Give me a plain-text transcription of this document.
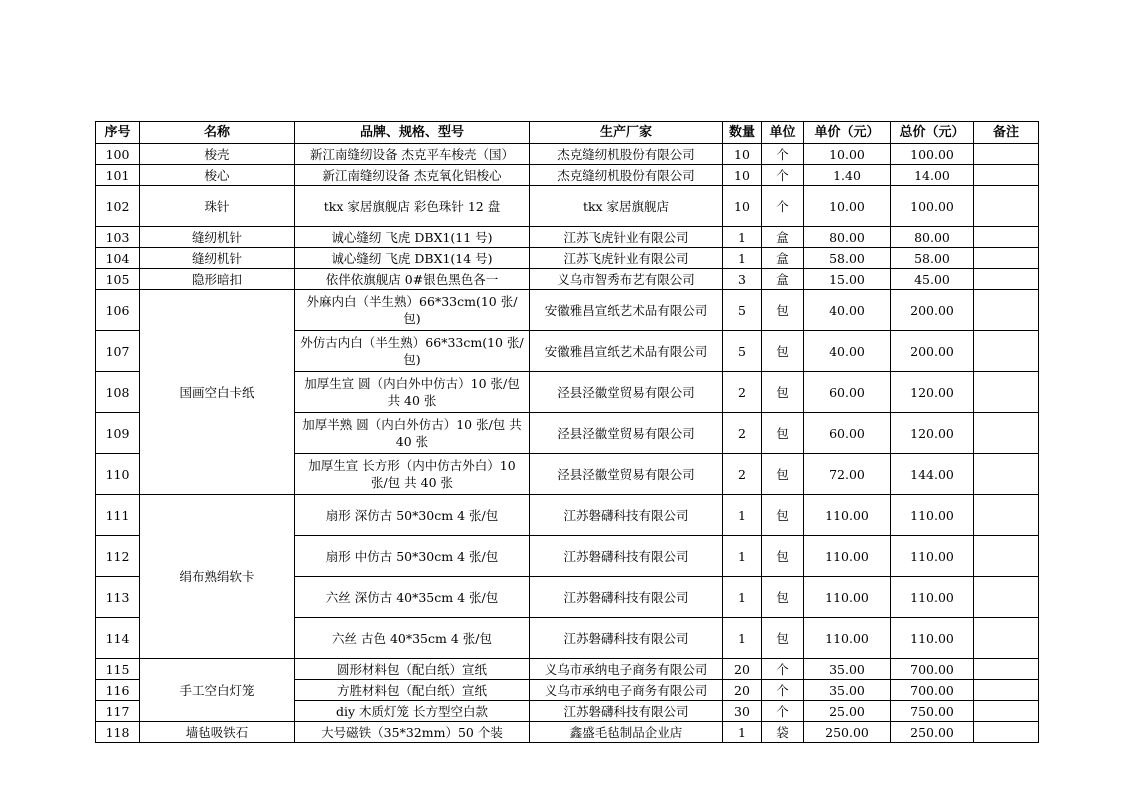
序号	名称	品牌、规格、型号	生产厂家	数量	单位	单价（元）	总价（元）	备注
100	梭壳	新江南缝纫设备 杰克平车梭壳（国）	杰克缝纫机股份有限公司	10	个	10.00	100.00	
101	梭心	新江南缝纫设备 杰克氧化铝梭心	杰克缝纫机股份有限公司	10	个	1.40	14.00	
102	珠针	tkx 家居旗舰店 彩色珠针 12 盘	tkx 家居旗舰店	10	个	10.00	100.00	
103	缝纫机针	诚心缝纫 飞虎 DBX1(11 号)	江苏飞虎针业有限公司	1	盒	80.00	80.00	
104	缝纫机针	诚心缝纫 飞虎 DBX1(14 号)	江苏飞虎针业有限公司	1	盒	58.00	58.00	
105	隐形暗扣	依伴依旗舰店 0#银色黑色各一	义乌市智秀布艺有限公司	3	盒	15.00	45.00	
106	国画空白卡纸	外麻内白（半生熟）66*33cm(10 张/包)	安徽雅昌宣纸艺术品有限公司	5	包	40.00	200.00	
107		外仿古内白（半生熟）66*33cm(10 张/包)	安徽雅昌宣纸艺术品有限公司	5	包	40.00	200.00	
108		加厚生宣 圆（内白外中仿古）10 张/包 共 40 张	泾县泾徽堂贸易有限公司	2	包	60.00	120.00	
109		加厚半熟 圆（内白外仿古）10 张/包 共 40 张	泾县泾徽堂贸易有限公司	2	包	60.00	120.00	
110		加厚生宣 长方形（内中仿古外白）10 张/包 共 40 张	泾县泾徽堂贸易有限公司	2	包	72.00	144.00	
111	绢布熟绢软卡	扇形 深仿古 50*30cm 4 张/包	江苏磐礴科技有限公司	1	包	110.00	110.00	
112		扇形 中仿古 50*30cm 4 张/包	江苏磐礴科技有限公司	1	包	110.00	110.00	
113		六丝 深仿古 40*35cm 4 张/包	江苏磐礴科技有限公司	1	包	110.00	110.00	
114		六丝 古色 40*35cm 4 张/包	江苏磐礴科技有限公司	1	包	110.00	110.00	
115	手工空白灯笼	圆形材料包（配白纸）宣纸	义乌市承纳电子商务有限公司	20	个	35.00	700.00	
116		方胜材料包（配白纸）宣纸	义乌市承纳电子商务有限公司	20	个	35.00	700.00	
117		diy 木质灯笼 长方型空白款	江苏磐礴科技有限公司	30	个	25.00	750.00	
118	墙毡吸铁石	大号磁铁（35*32mm）50 个装	鑫盛毛毡制品企业店	1	袋	250.00	250.00	
